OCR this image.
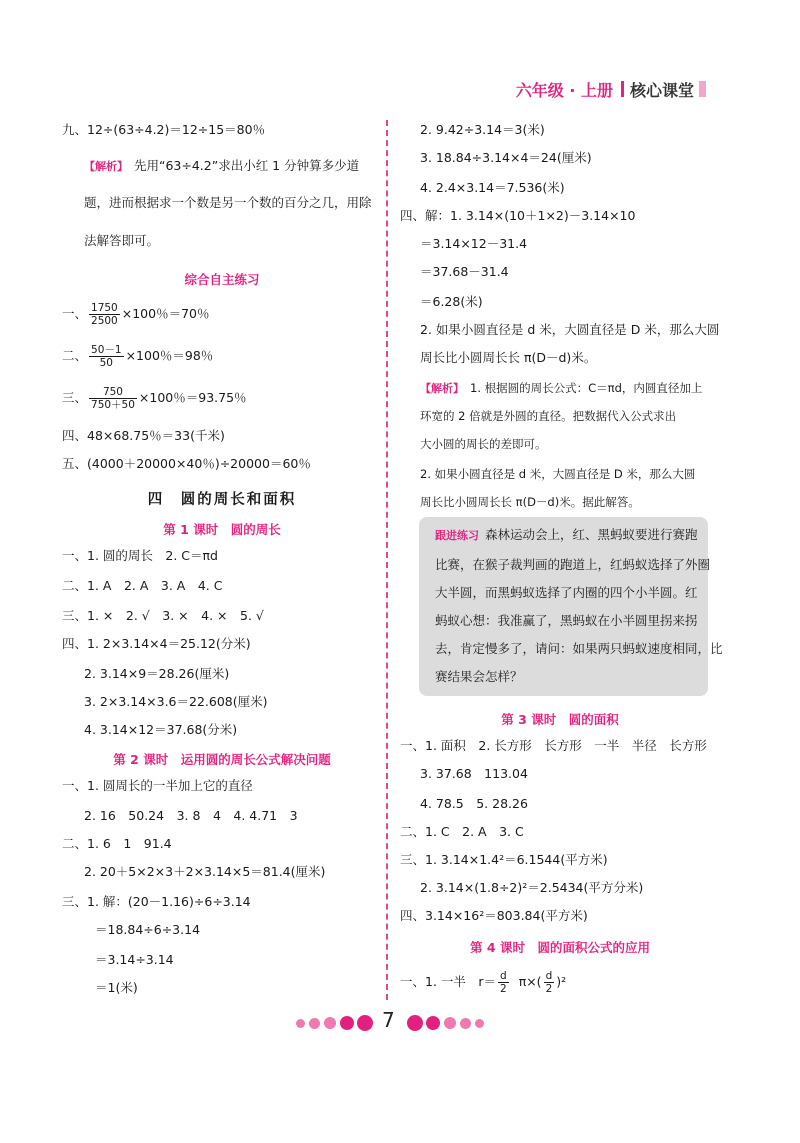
六年级 · 上册 核心课堂
九、12÷(63÷4.2)＝12÷15＝80％
【解析】 先用“63÷4.2”求出小红 1 分钟算多少道
题，进而根据求一个数是另一个数的百分之几，用除
法解答即可。
综合自主练习
一、 $\frac{1750}{2500} \times 100$％＝70％
二、 $\frac{50-1}{50} \times 100$％＝98％
三、 $\frac{750}{750+50} \times 100$％＝93.75％
四、48×68.75％＝33(千米)
五、(4000＋20000×40％)÷20000＝60％
四　圆的周长和面积
第 1 课时　圆的周长
一、1. 圆的周长　2. C＝πd
二、1. A　2. A　3. A　4. C
三、1. ×　2. √　3. ×　4. ×　5. √
四、1. 2×3.14×4＝25.12(分米)
2. 3.14×9＝28.26(厘米)
3. 2×3.14×3.6＝22.608(厘米)
4. 3.14×12＝37.68(分米)
第 2 课时　运用圆的周长公式解决问题
一、1. 圆周长的一半加上它的直径
2. 16　50.24　3. 8　4　4. 4.71　3
二、1. 6　1　91.4
2. 20＋5×2×3＋2×3.14×5＝81.4(厘米)
三、1. 解：(20－1.16)÷6÷3.14
＝18.84÷6÷3.14
＝3.14÷3.14
＝1(米)
2. 9.42÷3.14＝3(米)
3. 18.84÷3.14×4＝24(厘米)
4. 2.4×3.14＝7.536(米)
四、解：1. 3.14×(10＋1×2)－3.14×10
＝3.14×12－31.4
＝37.68－31.4
＝6.28(米)
2. 如果小圆直径是 d 米，大圆直径是 D 米，那么大圆
周长比小圆周长长 π(D－d)米。
【解析】 1. 根据圆的周长公式：C＝πd，内圆直径加上
环宽的 2 倍就是外圆的直径。把数据代入公式求出
大小圆的周长的差即可。
2. 如果小圆直径是 d 米，大圆直径是 D 米，那么大圆
周长比小圆周长长 π(D－d)米。据此解答。
跟进练习 森林运动会上，红、黑蚂蚁要进行赛跑
比赛，在猴子裁判画的跑道上，红蚂蚁选择了外圈
大半圆，而黑蚂蚁选择了内圈的四个小半圆。红
蚂蚁心想：我准赢了，黑蚂蚁在小半圆里拐来拐
去，肯定慢多了，请问：如果两只蚂蚁速度相同，比
赛结果会怎样？
第 3 课时　圆的面积
一、1. 面积　2. 长方形　长方形　一半　半径　长方形
3. 37.68　113.04
4. 78.5　5. 28.26
二、1. C　2. A　3. C
三、1. 3.14×1.4²＝6.1544(平方米)
2. 3.14×(1.8÷2)²＝2.5434(平方分米)
四、3.14×16²＝803.84(平方米)
第 4 课时　圆的面积公式的应用
一、1. 一半　$r= \frac{d}{2} \pi\times( \frac{d}{2} )^2$
7
